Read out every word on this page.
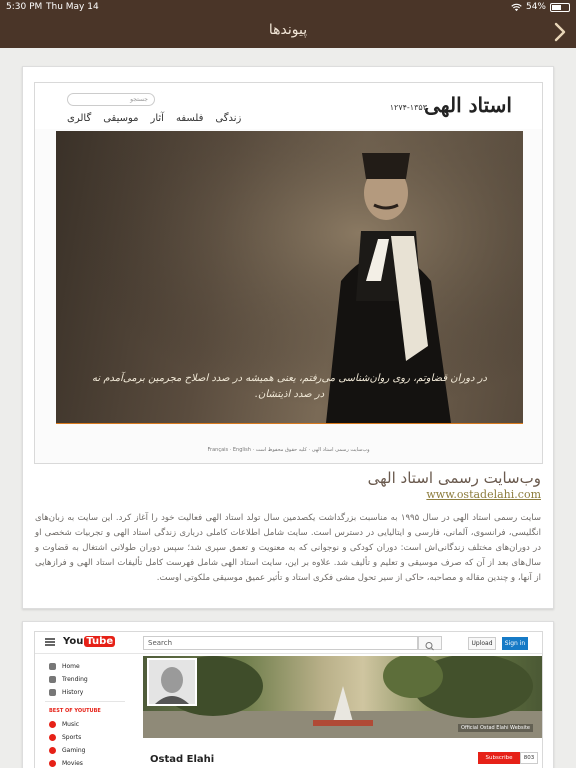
5:30 PM Thu May 14	54%
پیوندها
جستجو	استاد الهی
۱۲۷۴-۱۳۵۳
زندگی
فلسفه
آثار
موسیقی
گالری
در دوران قضاوتم، روی روان‌شناسی می‌رفتم، یعنی همیشه در صدد اصلاح مجرمین برمی‌آمدم نه در صدد اذیتشان.
وب‌سایت رسمی استاد الهی · کلیه حقوق محفوظ است · Français · English
وب‌سایت رسمی استاد الهی
www.ostadelahi.com
سایت رسمی استاد الهی در سال ۱۹۹۵ به مناسبت بزرگداشت یکصدمین سال تولد استاد الهی فعالیت خود را آغاز کرد. این سایت به زبان‌های انگلیسی، فرانسوی، آلمانی، فارسی و ایتالیایی در دسترس است. سایت شامل اطلاعات کاملی درباری زندگی استاد الهی و تجربیات شخصی او در دوران‌های مختلف زندگانی‌اش است: دوران کودکی و نوجوانی که به معنویت و تعمق سپری شد؛ سپس دوران طولانی اشتغال به قضاوت و سال‌های بعد از آن که صرف موسیقی و تعلیم و تألیف شد. علاوه بر این، سایت استاد الهی شامل فهرست کامل تألیفات استاد الهی و فرازهایی از آنها، و چندین مقاله و مصاحبه، حاکی از سیر تحول مشی فکری استاد و تأثیر عمیق موسیقی ملکوتی اوست.
You Tube	Search	Upload	Sign in
Home
Trending
History
BEST OF YOUTUBE
Music
Sports
Gaming
Movies
Official Ostad Elahi Website
Ostad Elahi	Subscribe	803
